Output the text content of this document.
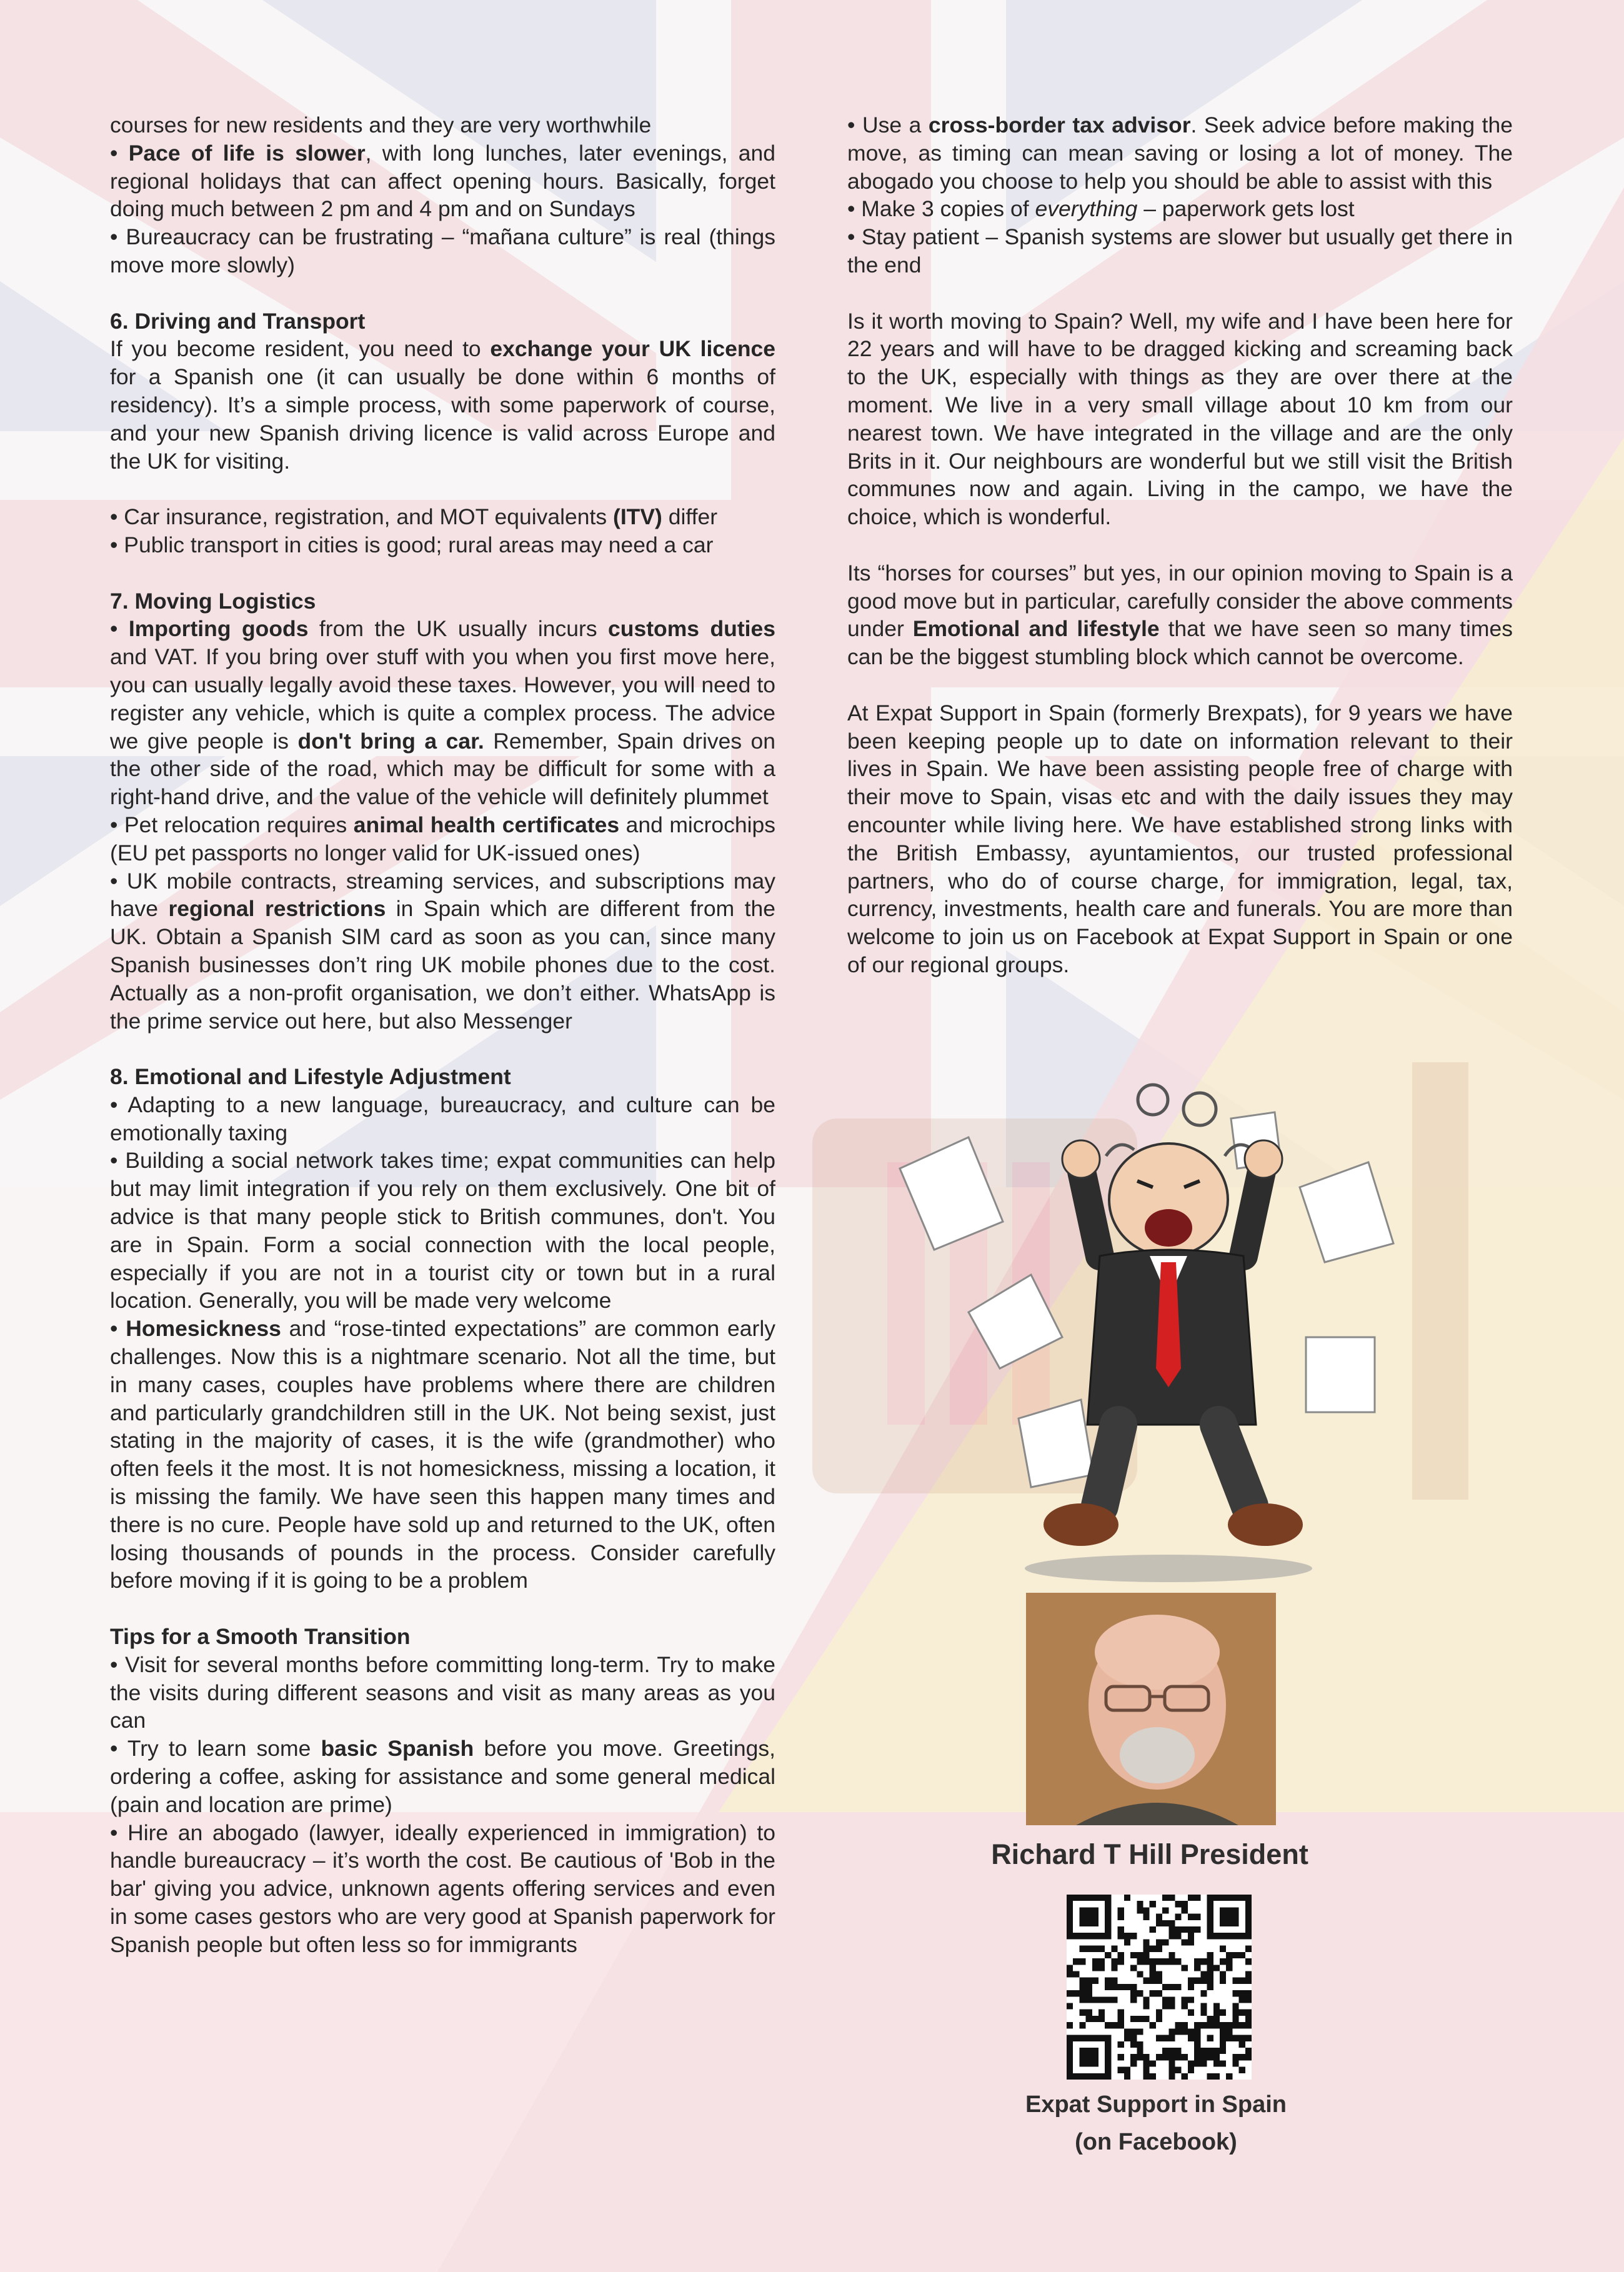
courses for new residents and they are very worthwhile

• Pace of life is slower, with long lunches, later evenings, and regional holidays that can affect opening hours. Basically, forget doing much between 2 pm and 4 pm and on Sundays

• Bureaucracy can be frustrating – “mañana culture” is real (things move more slowly)

6. Driving and Transport

If you become resident, you need to exchange your UK licence for a Spanish one (it can usually be done within 6 months of residency). It’s a simple process, with some paperwork of course, and your new Spanish driving licence is valid across Europe and the UK for visiting.

• Car insurance, registration, and MOT equivalents (ITV) differ

• Public transport in cities is good; rural areas may need a car

7. Moving Logistics

• Importing goods from the UK usually incurs customs duties and VAT. If you bring over stuff with you when you first move here, you can usually legally avoid these taxes. However, you will need to register any vehicle, which is quite a complex process. The advice we give people is don't bring a car. Remember, Spain drives on the other side of the road, which may be difficult for some with a right-hand drive, and the value of the vehicle will definitely plummet

• Pet relocation requires animal health certificates and microchips (EU pet passports no longer valid for UK-issued ones)

• UK mobile contracts, streaming services, and subscriptions may have regional restrictions in Spain which are different from the UK. Obtain a Spanish SIM card as soon as you can, since many Spanish businesses don’t ring UK mobile phones due to the cost. Actually as a non-profit organisation, we don’t either. WhatsApp is the prime service out here, but also Messenger

8. Emotional and Lifestyle Adjustment

• Adapting to a new language, bureaucracy, and culture can be emotionally taxing

• Building a social network takes time; expat communities can help but may limit integration if you rely on them exclusively. One bit of advice is that many people stick to British communes, don't. You are in Spain. Form a social connection with the local people, especially if you are not in a tourist city or town but in a rural location. Generally, you will be made very welcome

• Homesickness and “rose-tinted expectations” are common early challenges. Now this is a nightmare scenario. Not all the time, but in many cases, couples have problems where there are children and particularly grandchildren still in the UK. Not being sexist, just stating in the majority of cases, it is the wife (grandmother) who often feels it the most. It is not homesickness, missing a location, it is missing the family. We have seen this happen many times and there is no cure. People have sold up and returned to the UK, often losing thousands of pounds in the process. Consider carefully before moving if it is going to be a problem

Tips for a Smooth Transition

• Visit for several months before committing long-term. Try to make the visits during different seasons and visit as many areas as you can

• Try to learn some basic Spanish before you move. Greetings, ordering a coffee, asking for assistance and some general medical (pain and location are prime)

• Hire an abogado (lawyer, ideally experienced in immigration) to handle bureaucracy – it’s worth the cost. Be cautious of 'Bob in the bar' giving you advice, unknown agents offering services and even in some cases gestors who are very good at Spanish paperwork for Spanish people but often less so for immigrants

• Use a cross-border tax advisor. Seek advice before making the move, as timing can mean saving or losing a lot of money. The abogado you choose to help you should be able to assist with this

• Make 3 copies of everything – paperwork gets lost

• Stay patient – Spanish systems are slower but usually get there in the end

Is it worth moving to Spain? Well, my wife and I have been here for 22 years and will have to be dragged kicking and screaming back to the UK, especially with things as they are over there at the moment. We live in a very small village about 10 km from our nearest town. We have integrated in the village and are the only Brits in it. Our neighbours are wonderful but we still visit the British communes now and again. Living in the campo, we have the choice, which is wonderful.

Its “horses for courses” but yes, in our opinion moving to Spain is a good move but in particular, carefully consider the above comments under Emotional and lifestyle that we have seen so many times can be the biggest stumbling block which cannot be overcome.

At Expat Support in Spain (formerly Brexpats), for 9 years we have been keeping people up to date on information relevant to their lives in Spain. We have been assisting people free of charge with their move to Spain, visas etc and with the daily issues they may encounter while living here. We have established strong links with the British Embassy, ayuntamientos, our trusted professional partners, who do of course charge, for immigration, legal, tax, currency, investments, health care and funerals. You are more than welcome to join us on Facebook at Expat Support in Spain or one of our regional groups.

Richard T Hill President
Expat Support in Spain
(on Facebook)
